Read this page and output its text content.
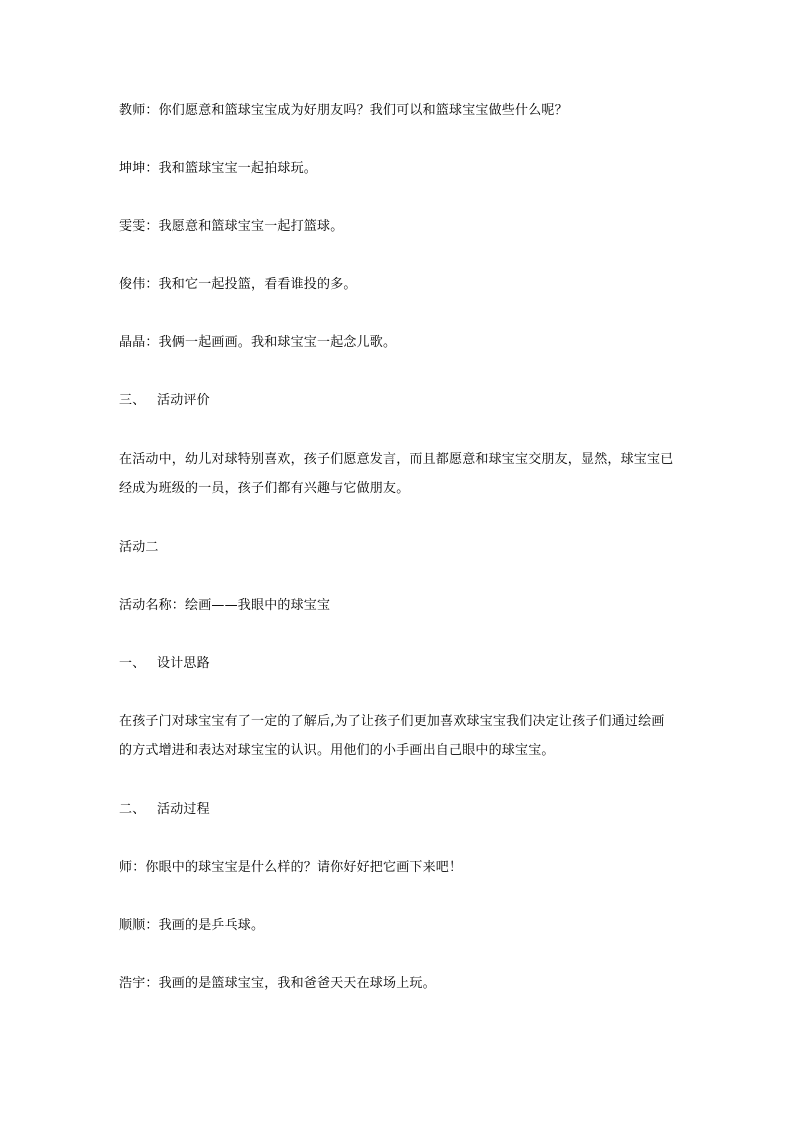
教师：你们愿意和篮球宝宝成为好朋友吗？我们可以和篮球宝宝做些什么呢？
坤坤：我和篮球宝宝一起拍球玩。
雯雯：我愿意和篮球宝宝一起打篮球。
俊伟：我和它一起投篮，看看谁投的多。
晶晶：我俩一起画画。我和球宝宝一起念儿歌。
三、 活动评价
在活动中，幼儿对球特别喜欢，孩子们愿意发言，而且都愿意和球宝宝交朋友，显然，球宝宝已
经成为班级的一员，孩子们都有兴趣与它做朋友。
活动二
活动名称：绘画——我眼中的球宝宝
一、 设计思路
在孩子门对球宝宝有了一定的了解后,为了让孩子们更加喜欢球宝宝我们决定让孩子们通过绘画
的方式增进和表达对球宝宝的认识。用他们的小手画出自己眼中的球宝宝。
二、 活动过程
师：你眼中的球宝宝是什么样的？请你好好把它画下来吧！
顺顺：我画的是乒乓球。
浩宇：我画的是篮球宝宝，我和爸爸天天在球场上玩。
